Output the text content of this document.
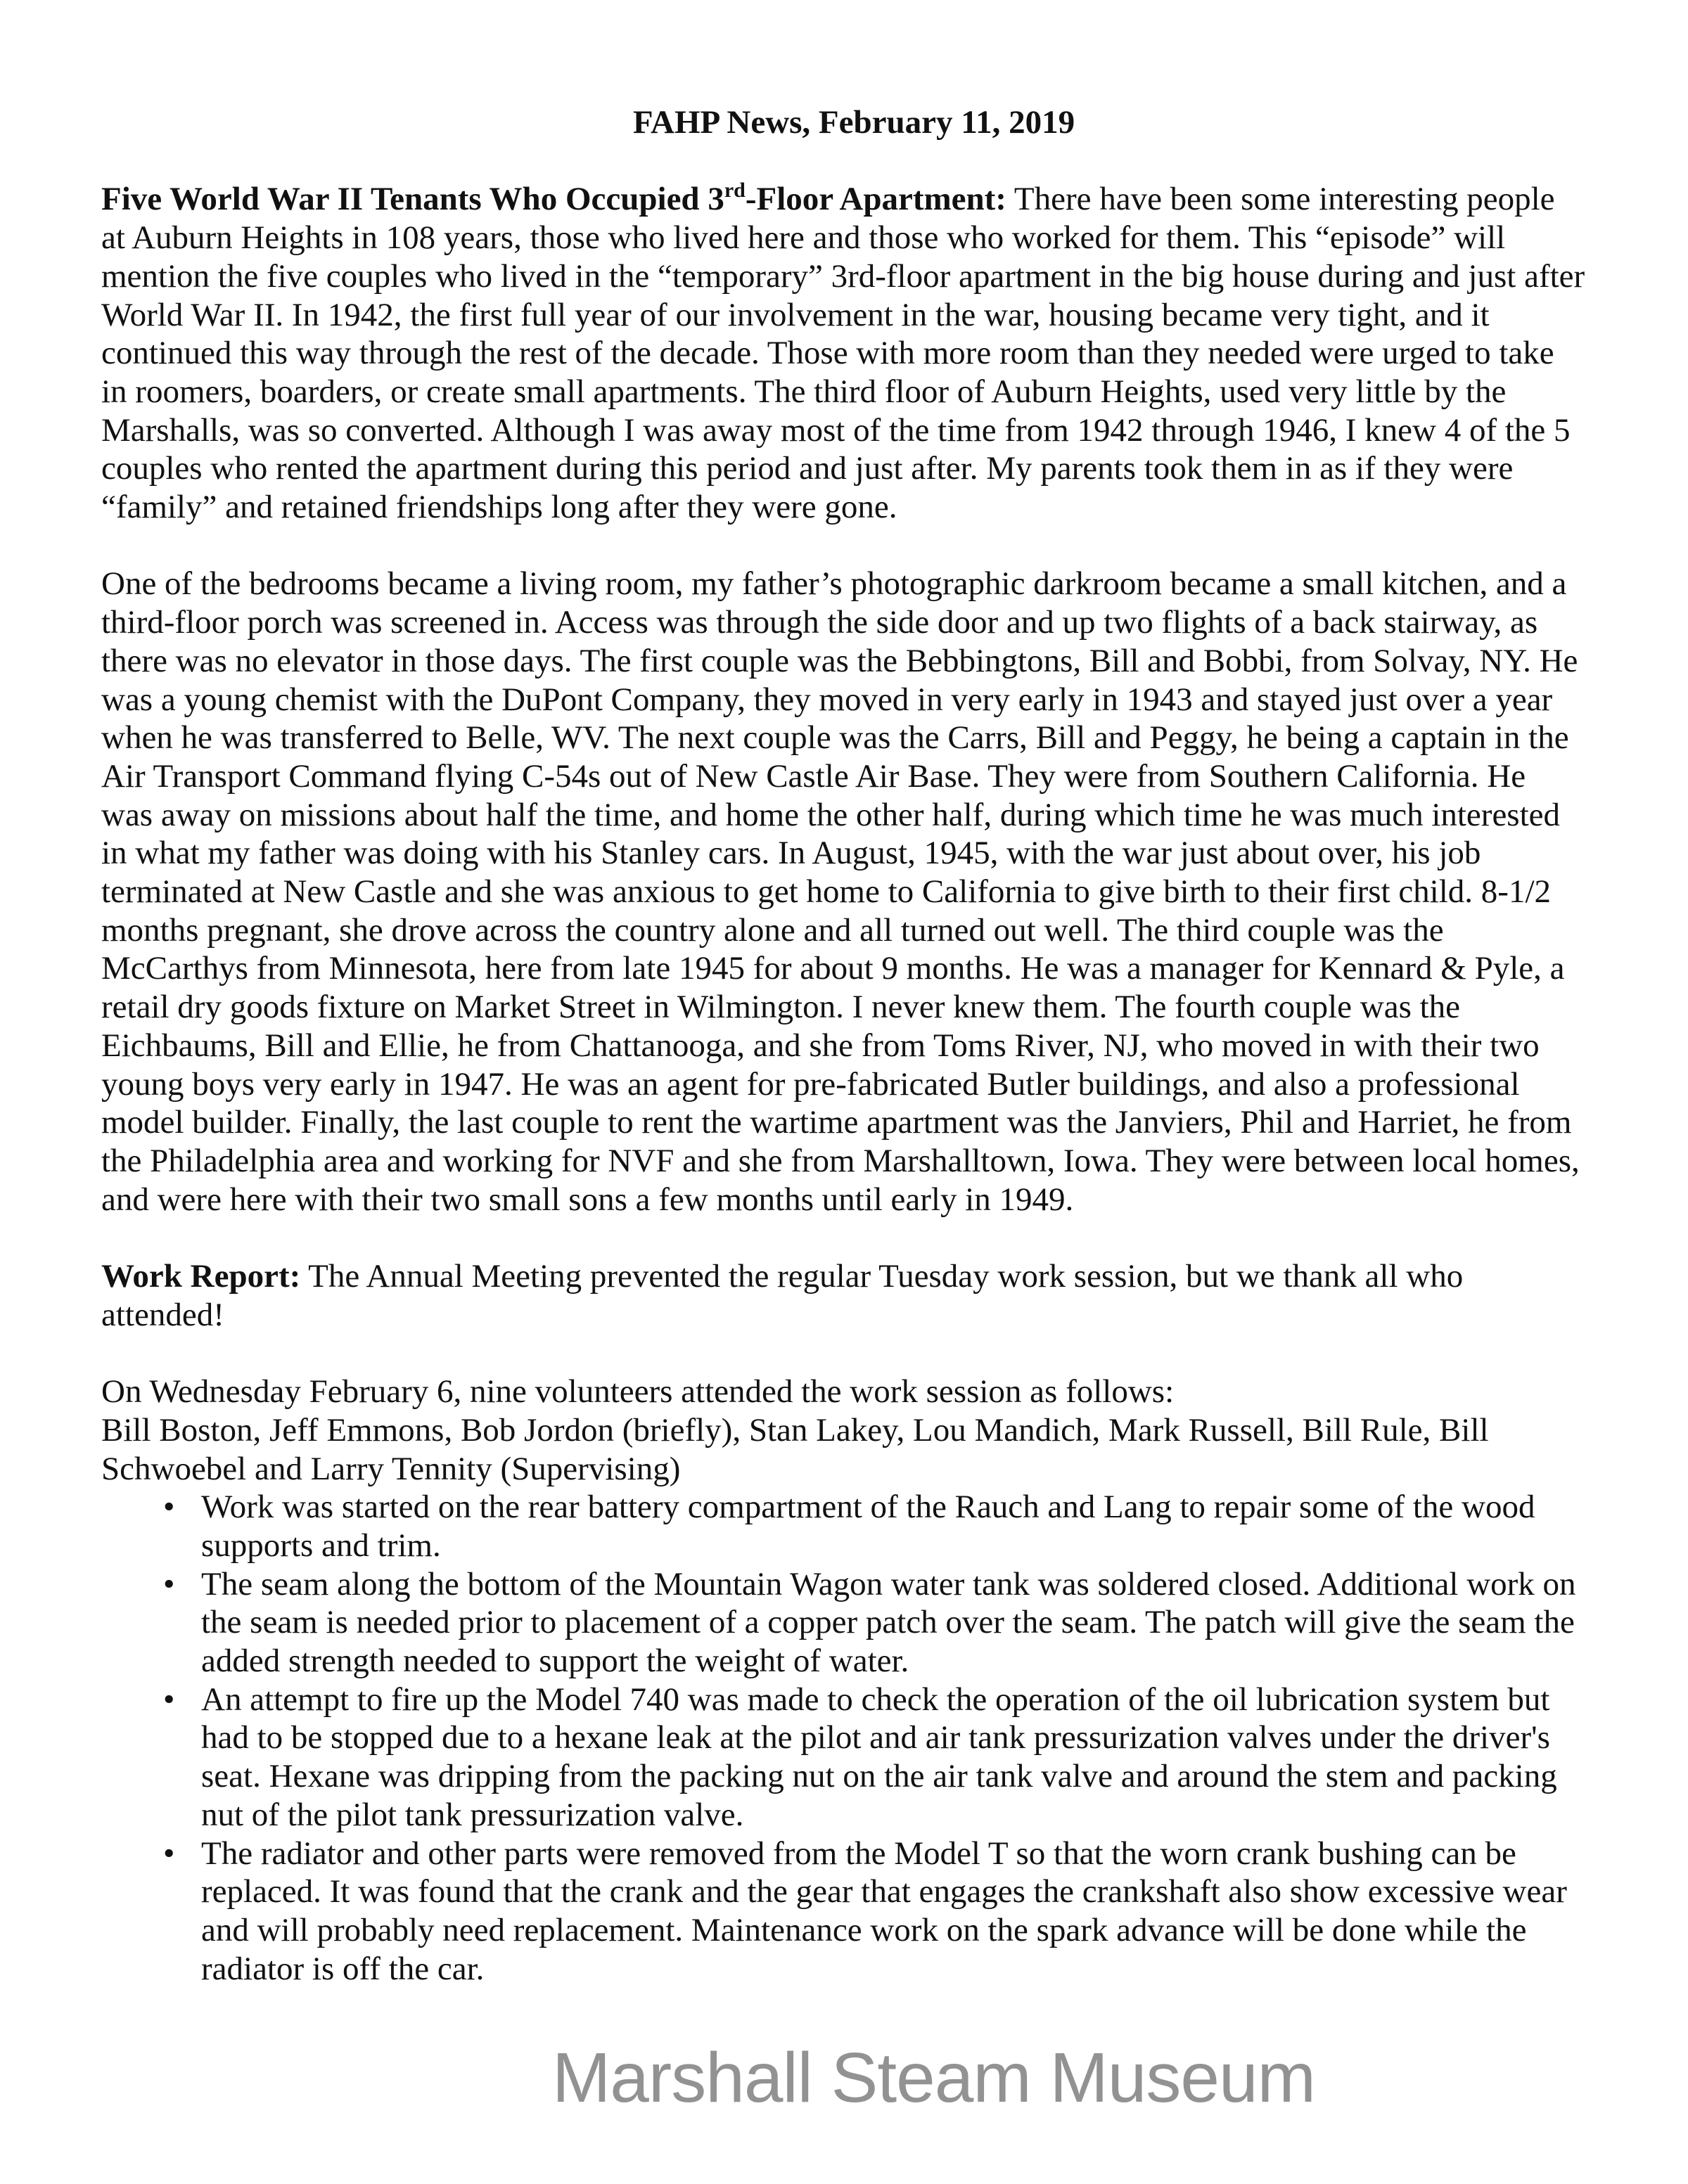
FAHP News, February 11, 2019
Five World War II Tenants Who Occupied 3rd-Floor Apartment: There have been some interesting people
at Auburn Heights in 108 years, those who lived here and those who worked for them. This “episode” will
mention the five couples who lived in the “temporary” 3rd-floor apartment in the big house during and just after
World War II. In 1942, the first full year of our involvement in the war, housing became very tight, and it
continued this way through the rest of the decade. Those with more room than they needed were urged to take
in roomers, boarders, or create small apartments. The third floor of Auburn Heights, used very little by the
Marshalls, was so converted. Although I was away most of the time from 1942 through 1946, I knew 4 of the 5
couples who rented the apartment during this period and just after. My parents took them in as if they were
“family” and retained friendships long after they were gone.
One of the bedrooms became a living room, my father’s photographic darkroom became a small kitchen, and a
third-floor porch was screened in. Access was through the side door and up two flights of a back stairway, as
there was no elevator in those days. The first couple was the Bebbingtons, Bill and Bobbi, from Solvay, NY. He
was a young chemist with the DuPont Company, they moved in very early in 1943 and stayed just over a year
when he was transferred to Belle, WV. The next couple was the Carrs, Bill and Peggy, he being a captain in the
Air Transport Command flying C-54s out of New Castle Air Base. They were from Southern California. He
was away on missions about half the time, and home the other half, during which time he was much interested
in what my father was doing with his Stanley cars. In August, 1945, with the war just about over, his job
terminated at New Castle and she was anxious to get home to California to give birth to their first child. 8-1/2
months pregnant, she drove across the country alone and all turned out well. The third couple was the
McCarthys from Minnesota, here from late 1945 for about 9 months. He was a manager for Kennard & Pyle, a
retail dry goods fixture on Market Street in Wilmington. I never knew them. The fourth couple was the
Eichbaums, Bill and Ellie, he from Chattanooga, and she from Toms River, NJ, who moved in with their two
young boys very early in 1947. He was an agent for pre-fabricated Butler buildings, and also a professional
model builder. Finally, the last couple to rent the wartime apartment was the Janviers, Phil and Harriet, he from
the Philadelphia area and working for NVF and she from Marshalltown, Iowa. They were between local homes,
and were here with their two small sons a few months until early in 1949.
Work Report: The Annual Meeting prevented the regular Tuesday work session, but we thank all who
attended!
On Wednesday February 6, nine volunteers attended the work session as follows:
Bill Boston, Jeff Emmons, Bob Jordon (briefly), Stan Lakey, Lou Mandich, Mark Russell, Bill Rule, Bill
Schwoebel and Larry Tennity (Supervising)
• Work was started on the rear battery compartment of the Rauch and Lang to repair some of the wood
supports and trim.
• The seam along the bottom of the Mountain Wagon water tank was soldered closed. Additional work on
the seam is needed prior to placement of a copper patch over the seam. The patch will give the seam the
added strength needed to support the weight of water.
• An attempt to fire up the Model 740 was made to check the operation of the oil lubrication system but
had to be stopped due to a hexane leak at the pilot and air tank pressurization valves under the driver's
seat. Hexane was dripping from the packing nut on the air tank valve and around the stem and packing
nut of the pilot tank pressurization valve.
• The radiator and other parts were removed from the Model T so that the worn crank bushing can be
replaced. It was found that the crank and the gear that engages the crankshaft also show excessive wear
and will probably need replacement. Maintenance work on the spark advance will be done while the
radiator is off the car.
Marshall Steam Museum
